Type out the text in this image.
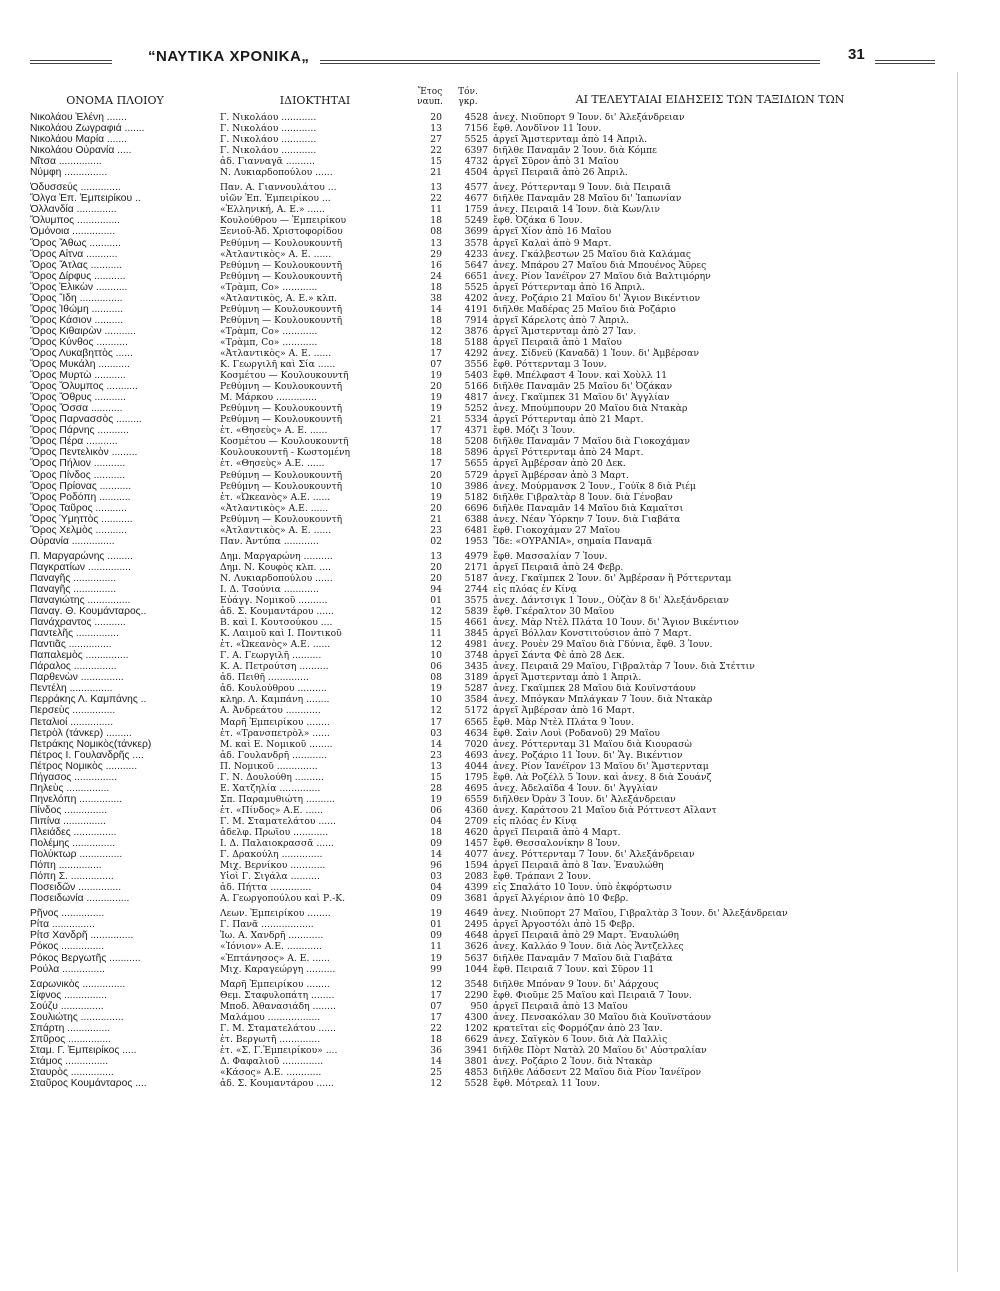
“ΝΑΥΤΙΚΑ ΧΡΟΝΙΚΑ„	31
ΟΝΟΜΑ ΠΛΟΙΟΥ	ΙΔΙΟΚΤΗΤΑΙ
Ἔτος
ναυπ.
Τόν.
γκρ.	ΑΙ ΤΕΛΕΥΤΑΙΑΙ ΕΙΔΗΣΕΙΣ ΤΩΝ ΤΑΞΙΔΙΩΝ ΤΩΝ
Νικολάου Ἑλένη .......	Γ. Νικολάου ............	20	4528 ἀνεχ. Νιοῦπορτ 9 Ἰουν. δι' Ἀλεξάνδρειαν
Νικολάου Ζωγραφιά .......	Γ. Νικολάου ............	13	7156 ἔφθ. Λονδῖνον 11 Ἰουν.
Νικολάου Μαρία .......	Γ. Νικολάου ............	27	5525 ἀργεῖ Ἄμστερνταμ ἀπὸ 14 Ἀπριλ.
Νικολάου Οὐρανία .....	Γ. Νικολάου ............	22	6397 διῆλθε Παναμᾶν 2 Ἰουν. διὰ Κόμπε
Νῖτσα ...............	ἀδ. Γιανναγᾶ ..........	15	4732 ἀργεῖ Σῦρον ἀπὸ 31 Μαΐου
Νύμφη ...............	Ν. Λυκιαρδοπούλου ......	21	4504 ἀργεῖ Πειραιᾶ ἀπὸ 26 Ἀπριλ.
Ὀδυσσεύς ..............	Παν. Α. Γιαννουλάτου ...	13	4577 ἀνεχ. Ρόττερνταμ 9 Ἰουν. διὰ Πειραιᾶ
Ὄλγα Ἐπ. Ἐμπειρίκου ..	υἱῶν Ἐπ. Ἐμπειρίκου ...	22	4677 διῆλθε Παναμᾶν 28 Μαΐου δι' Ἰαπωνίαν
Ὀλλανδία ..............	«Ἑλληνική, Α. Ε.» ......	11	1759 ἀνεχ. Πειραιᾶ 14 Ἰουν. διὰ Κων/λιν
Ὄλυμπος ...............	Κουλούθρου — Ἐμπειρίκου	18	5249 ἔφθ. Ὀζάκα 6 Ἰουν.
Ὁμόνοια ...............	Ξενιοῦ-Ἀδ. Χριστοφορίδου	08	3699 ἀργεῖ Χίον ἀπὸ 16 Μαΐου
Ὄρος Ἄθως ...........	Ρεθύμνη — Κουλουκουντῆ	13	3578 ἀργεῖ Καλαὶ ἀπὸ 9 Μαρτ.
Ὄρος Αἰτνα ...........	«Ἀτλαντικὸς» Α. Ε. ......	29	4233 ἀνεχ. Γκάλβεστων 25 Μαΐου διὰ Καλάμας
Ὄρος Ἄτλας ...........	Ρεθύμνη — Κουλουκουντῆ	16	5647 ἀνεχ. Μπάρου 27 Μαΐου διὰ Μπουένος Ἄϋρες
Ὄρος Δίρφυς ...........	Ρεθύμνη — Κουλουκουντῆ	24	6651 ἀνεχ. Ρίον Ἰανέϊρον 27 Μαΐου διὰ Βαλτιμόρην
Ὄρος Ἑλικὼν ...........	«Τρὰμπ, Co» ............	18	5525 ἀργεῖ Ρόττερνταμ ἀπὸ 16 Ἀπριλ.
Ὄρος Ἴδη ...............	«Ἀτλαντικὸς, Α. Ε.» κλπ.	38	4202 ἀνεχ. Ροζάριο 21 Μαΐου δι' Ἅγιον Βικέντιον
Ὄρος Ἰθώμη ...........	Ρεθύμνη — Κουλουκουντῆ	14	4191 διῆλθε Μαδέρας 25 Μαΐου διὰ Ροζάριο
Ὄρος Κάσιον ..........	Ρεθύμνη — Κουλουκουντῆ	18	7914 ἀργεῖ Κάρελοτς ἀπὸ 7 Ἀπριλ.
Ὄρος Κιθαιρὼν ...........	«Τρὰμπ, Co» ............	12	3876 ἀργεῖ Ἄμστερνταμ ἀπὸ 27 Ἰαν.
Ὄρος Κύνθος ...........	«Τρὰμπ, Co» ............	18	5188 ἀργεῖ Πειραιᾶ ἀπὸ 1 Μαΐου
Ὄρος Λυκαβηττὸς ......	«Ἀτλαντικὸς» Α. Ε. ......	17	4292 ἀνεχ. Σίδνεϋ (Καναδᾶ) 1 Ἰουν. δι' Ἀμβέρσαν
Ὄρος Μυκάλη ...........	Κ. Γεωργιλῆ καὶ Σία ......	07	3556 ἔφθ. Ρόττερνταμ 3 Ἰουν.
Ὄρος Μυρτὼ ...........	Κοσμέτου — Κουλουκουντῆ	19	5403 ἔφθ. Μπέλφαστ 4 Ἰουν. καὶ Χοὺλλ 11
Ὄρος Ὄλυμπος ...........	Ρεθύμνη — Κουλουκουντῆ	20	5166 διῆλθε Παναμᾶν 25 Μαΐου δι' Ὀζάκαν
Ὄρος Ὄθρυς ...........	Μ. Μάρκου ..............	19	4817 ἀνεχ. Γκαϊμπεκ 31 Μαΐου δι' Ἀγγλίαν
Ὄρος Ὄσσα ...........	Ρεθύμνη — Κουλουκουντῆ	19	5252 ἀνεχ. Μπούμπουρν 20 Μαΐου διὰ Ντακὰρ
Ὄρος Παρνασσὸς .........	Ρεθύμνη — Κουλουκουντῆ	21	5334 ἀργεῖ Ρόττερνταμ ἀπὸ 21 Μαρτ.
Ὄρος Πάρνης ...........	ἑτ. «Θησεὺς» Α. Ε. ......	17	4371 ἔφθ. Μόζι 3 Ἰουν.
Ὄρος Πέρα ...........	Κοσμέτου — Κουλουκουντῆ	18	5208 διῆλθε Παναμᾶν 7 Μαΐου διὰ Γιοκοχάμαν
Ὄρος Πεντελικὸν .........	Κουλουκουντῆ - Κωστομένη	18	5896 ἀργεῖ Ρόττερνταμ ἀπὸ 24 Μαρτ.
Ὄρος Πήλιον ...........	ἑτ. «Θησεὺς» Α.Ε. ......	17	5655 ἀργεῖ Ἀμβέρσαν ἀπὸ 20 Δεκ.
Ὄρος Πίνδος ...........	Ρεθύμνη — Κουλουκουντῆ	20	5729 ἀργεῖ Ἀμβέρσαν ἀπὸ 3 Μαρτ.
Ὄρος Πρίονας ...........	Ρεθύμνη — Κουλουκουντῆ	10	3986 ἀνεχ. Μούρμανσκ 2 Ἰουν., Γούϊκ 8 διὰ Ριέμ
Ὄρος Ροδόπη ...........	ἑτ. «Ὠκεανὸς» Α.Ε. ......	19	5182 διῆλθε Γιβραλτὰρ 8 Ἰουν. διὰ Γένοβαν
Ὄρος Ταῦρος ...........	«Ἀτλαντικὸς» Α.Ε. ......	20	6696 διῆλθε Παναμᾶν 14 Μαΐου διὰ Καμαΐτσι
Ὄρος Ὑμηττὸς ...........	Ρεθύμνη — Κουλουκουντῆ	21	6388 ἀνεχ. Νέαν Ὑόρκην 7 Ἰουν. διὰ Γιαβάτα
Ὄρος Χελμὸς ...........	«Ἀτλαντικὸς» Α. Ε. ......	23	6481 ἔφθ. Γιοκοχάμαν 27 Μαΐου
Οὐρανία ...............	Παν. Ἀντύπα ............	02	1953 Ἴδε: «ΟΥΡΑΝΙΑ», σημαία Παναμᾶ
Π. Μαργαρώνης .........	Δημ. Μαργαρώνη ..........	13	4979 ἔφθ. Μασσαλίαν 7 Ἰουν.
Παγκρατίων ...............	Δημ. Ν. Κουφὸς κλπ. ....	20	2171 ἀργεῖ Πειραιᾶ ἀπὸ 24 Φεβρ.
Παναγῆς ...............	Ν. Λυκιαρδοπούλου ......	20	5187 ἀνεχ. Γκαϊμπεκ 2 Ἰουν. δι' Ἀμβέρσαν ἢ Ρόττερνταμ
Παναγῆς ...............	Ι. Δ. Τσούνια ............	94	2744 εἰς πλόας ἐν Κίνᾳ
Παναγιώτης ...............	Εὐάγγ. Νομικοῦ ..........	01	3575 ἀνεχ. Δάντσιγκ 1 Ἰουν., Οὐζὰν 8 δι' Ἀλεξάνδρειαν
Παναγ. Θ. Κουμάνταρος..	ἀδ. Σ. Κουμαντάρου ......	12	5839 ἔφθ. Γκέραλτον 30 Μαΐου
Πανάχραντος ...........	Β. καὶ Ι. Κουτσούκου ....	15	4661 ἀνεχ. Μὰρ Ντὲλ Πλάτα 10 Ἰουν. δι' Ἅγιον Βικέντιον
Παντελῆς ...............	Κ. Λαιμοῦ καὶ Ι. Ποντικοῦ	11	3845 ἀργεῖ Βόλλαν Κονστιτούσιον ἀπὸ 7 Μαρτ.
Παντιᾶς ...............	ἑτ. «Ὠκεανὸς» Α.Ε. ......	12	4981 ἀνεχ. Ρουὲν 29 Μαΐου διὰ Γδύνια, ἔφθ. 3 Ἰουν.
Παπαλεμὸς ...............	Γ. Α. Γεωργιλῆ ..........	10	3748 ἀργεῖ Σάντα Φὲ ἀπὸ 28 Δεκ.
Πάραλος ...............	Κ. Α. Πετρούτση ..........	06	3435 ἀνεχ. Πειραιᾶ 29 Μαΐου, Γιβραλτὰρ 7 Ἰουν. διὰ Στέττιν
Παρθενὼν ...............	ἀδ. Πειθῆ ..............	08	3189 ἀργεῖ Ἄμστερνταμ ἀπὸ 1 Ἀπριλ.
Πεντέλη ...............	ἀδ. Κουλούθρου ..........	19	5287 ἀνεχ. Γκαϊμπεκ 28 Μαΐου διὰ Κουϊνστάουν
Περράκης Λ. Καμπάνης ..	κληρ. Λ. Καμπάνη ........	10	3584 ἀνεχ. Μπόγκαν Μπλάγκαν 7 Ἰουν. διὰ Ντακὰρ
Περσεὺς ...............	Α. Ἀνδρεάτου ............	12	5172 ἀργεῖ Ἀμβέρσαν ἀπὸ 16 Μαρτ.
Πεταλιοί ...............	Μαρῆ Ἐμπειρίκου ........	17	6565 ἔφθ. Μὰρ Ντὲλ Πλάτα 9 Ἰουν.
Πετρὸλ (τάνκερ) .........	ἑτ. «Τρανσπετρὸλ» ......	03	4634 ἔφθ. Σαὶν Λουὶ (Ροδανοῦ) 29 Μαΐου
Πετράκης Νομικὸς(τάνκερ)	Μ. καὶ Ε. Νομικοῦ ........	14	7020 ἀνεχ. Ρόττερνταμ 31 Μαΐου διὰ Κιουρασὼ
Πέτρος Ι. Γουλανδρῆς ....	ἀδ. Γουλανδρῆ ............	23	4693 ἀνεχ. Ροζάριο 11 Ἰουν. δι' Ἅγ. Βικέντιον
Πέτρος Νομικὸς ...........	Π. Νομικοῦ ..............	13	4044 ἀνεχ. Ρίον Ἰανέϊρον 13 Μαΐου δι' Ἄμστερνταμ
Πήγασος ...............	Γ. Ν. Δουλούθη ..........	15	1795 ἔφθ. Λὰ Ροζέλλ 5 Ἰουν. καὶ ἀνεχ. 8 διὰ Σουάνζ
Πηλεὺς ...............	Ε. Χατζηλία ..............	28	4695 ἀνεχ. Ἀδελαΐδα 4 Ἰουν. δι' Ἀγγλίαν
Πηνελόπη ...............	Σπ. Παραμυθιώτη ..........	19	6559 διῆλθεν Ὀρὰν 3 Ἰουν. δι' Ἀλεξάνδρειαν
Πίνδος ...............	ἑτ. «Πίνδος» Α.Ε. ......	06	4360 ἀνεχ. Καράτσου 21 Μαΐου διὰ Ρόττνεστ Αἴλαντ
Πιπίνα ...............	Γ. Μ. Σταματελάτου ......	04	2709 εἰς πλόας ἐν Κίνᾳ
Πλειάδες ...............	ἀδελφ. Πρωΐου ............	18	4620 ἀργεῖ Πειραιᾶ ἀπὸ 4 Μαρτ.
Πολέμης ...............	Ι. Δ. Παλαιοκρασσᾶ ......	09	1457 ἔφθ. Θεσσαλονίκην 8 Ἰουν.
Πολύκτωρ ...............	Γ. Δρακούλη ..............	14	4077 ἀνεχ. Ρόττερνταμ 7 Ἰουν. δι' Ἀλεξάνδρειαν
Πόπη ...............	Μιχ. Βερνίκου ............	96	1594 ἀργεῖ Πειραιᾶ ἀπὸ 8 Ἰαν. Ἐναυλώθη
Πόπη Σ. ...............	Υἱοὶ Γ. Σιγάλα ..........	03	2083 ἔφθ. Τράπανι 2 Ἰουν.
Ποσειδῶν ...............	ἀδ. Πήττα ..............	04	4399 εἰς Σπαλάτο 10 Ἰουν. ὑπὸ ἐκφόρτωσιν
Ποσειδωνία ...............	Α. Γεωργοπούλου καὶ Ρ.-Κ.	09	3681 ἀργεῖ Ἀλγέριον ἀπὸ 10 Φεβρ.
Ρῆνος ...............	Λεων. Ἐμπειρίκου ........	19	4649 ἀνεχ. Νιοῦπορτ 27 Μαΐου, Γιβραλτὰρ 3 Ἰουν. δι' Ἀλεξάνδρειαν
Ρίτα ...............	Γ. Πανᾶ ..................	01	2495 ἀργεῖ Ἀργοστόλι ἀπὸ 15 Φεβρ.
Ρίτσ Χανδρῆ ...............	Ἰω. Α. Χανδρῆ ............	09	4648 ἀργεῖ Πειραιᾶ ἀπὸ 29 Μαρτ. Ἐναυλώθη
Ρόκος ...............	«Ἰόνιον» Α.Ε. ............	11	3626 ἀνεχ. Καλλάο 9 Ἰουν. διὰ Λὸς Ἄντζελλες
Ρόκος Βεργωτῆς ...........	«Ἑπτάνησος» Α. Ε. ......	19	5637 διῆλθε Παναμᾶν 7 Μαΐου διὰ Γιαβάτα
Ρούλα ...............	Μιχ. Καραγεώργη ..........	99	1044 ἔφθ. Πειραιᾶ 7 Ἰουν. καὶ Σῦρον 11
Σαρωνικὸς ...............	Μαρῆ Ἐμπειρίκου ........	12	3548 διῆλθε Μπόναν 9 Ἰουν. δι' Ἀάρχους
Σίφνος ...............	Θεμ. Σταφυλοπάτη ........	17	2290 ἔφθ. Φιοῦμε 25 Μαΐου καὶ Πειραιᾶ 7 Ἰουν.
Σούζυ ...............	Μποδ. Ἀθανασιάδη ........	07	950 ἀργεῖ Πειραιᾶ ἀπὸ 13 Μαΐου
Σουλιώτης ...............	Μαλάμου ..................	17	4300 ἀνεχ. Πενσακόλαν 30 Μαΐου διὰ Κουϊνστάουν
Σπάρτη ...............	Γ. Μ. Σταματελάτου ......	22	1202 κρατεῖται εἰς Φορμόζαν ἀπὸ 23 Ἰαν.
Σπῦρος ...............	ἑτ. Βεργωτῆ ..............	18	6629 ἀνεχ. Σαϊγκὸν 6 Ἰουν. διὰ Λὰ Παλλὶς
Σταμ. Γ. Ἐμπειρίκος .....	ἑτ. «Σ. Γ.Ἐμπειρίκου» ....	36	3941 διῆλθε Πὸρτ Νατὰλ 20 Μαΐου δι' Αὐστραλίαν
Στάμος ...............	Δ. Φαφαλιοῦ ..............	14	3801 ἀνεχ. Ροζάριο 2 Ἰουν. διὰ Ντακὰρ
Σταυρὸς ...............	«Κάσος» Α.Ε. ............	25	4853 διῆλθε Λάδσεντ 22 Μαΐου διὰ Ρίον Ἰανέϊρον
Σταῦρος Κουμάνταρος ....	ἀδ. Σ. Κουμαντάρου ......	12	5528 ἔφθ. Μότρεαλ 11 Ἰουν.
